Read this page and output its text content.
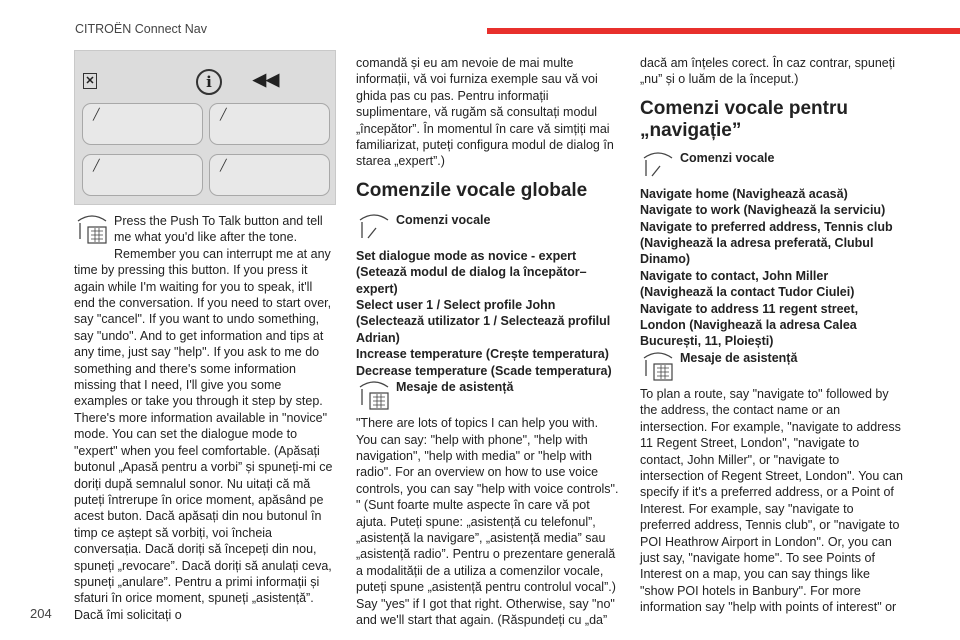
CITROËN Connect Nav
✕	i	◀◀
╱	╱
╱	╱
Press the Push To Talk button and tell me what you'd like after the tone. Remember you can interrupt me at any time by pressing this button. If you press it again while I'm waiting for you to speak, it'll end the conversation. If you need to start over, say "cancel". If you want to undo something, say "undo". And to get information and tips at any time, just say "help". If you ask to me do something and there's some information missing that I need, I'll give you some examples or take you through it step by step. There's more information available in "novice" mode. You can set the dialogue mode to "expert" when you feel comfortable. (Apăsați butonul „Apasă pentru a vorbi” și spuneți-mi ce doriți după semnalul sonor. Nu uitați că mă puteți întrerupe în orice moment, apăsând pe acest buton. Dacă apăsați din nou butonul în timp ce aștept să vorbiți, voi încheia conversația. Dacă doriți să începeți din nou, spuneți „revocare”. Dacă doriți să anulați ceva, spuneți „anulare”. Pentru a primi informații și sfaturi în orice moment, spuneți „asistență”. Dacă îmi solicitați o
comandă și eu am nevoie de mai multe informații, vă voi furniza exemple sau vă voi ghida pas cu pas. Pentru informații suplimentare, vă rugăm să consultați modul „începător”. În momentul în care vă simțiți mai familiarizat, puteți configura modul de dialog în starea „expert”.)
Comenzile vocale globale
Comenzi vocale
Set dialogue mode as novice - expert (Setează modul de dialog la începător– expert)
Select user 1 / Select profile John (Selectează utilizator 1 / Selectează profilul Adrian)
Increase temperature (Crește temperatura)
Decrease temperature (Scade temperatura)
Mesaje de asistență
"There are lots of topics I can help you with. You can say: "help with phone", "help with navigation", "help with media" or "help with radio". For an overview on how to use voice controls, you can say "help with voice controls". " (Sunt foarte multe aspecte în care vă pot ajuta. Puteți spune: „asistență cu telefonul”, „asistență la navigare”, „asistență media” sau „asistență radio”. Pentru o prezentare generală a modalității de a utiliza a comenzilor vocale, puteți spune „asistență pentru controlul vocal”.)
Say "yes" if I got that right. Otherwise, say "no" and we'll start that again. (Răspundeți cu „da”
dacă am înțeles corect. În caz contrar, spuneți „nu” și o luăm de la început.)
Comenzi vocale pentru „navigație”
Comenzi vocale
Navigate home (Navighează acasă)
Navigate to work (Navighează la serviciu)
Navigate to preferred address, Tennis club (Navighează la adresa preferată, Clubul Dinamo)
Navigate to contact, John Miller (Navighează la contact Tudor Ciulei)
Navigate to address 11 regent street, London (Navighează la adresa Calea București, 11, Ploiești)
Mesaje de asistență
To plan a route, say "navigate to" followed by the address, the contact name or an intersection. For example, "navigate to address 11 Regent Street, London", "navigate to contact, John Miller", or "navigate to intersection of Regent Street, London". You can specify if it's a preferred address, or a Point of Interest. For example, say "navigate to preferred address, Tennis club", or "navigate to POI Heathrow Airport in London". Or, you can just say, "navigate home". To see Points of Interest on a map, you can say things like "show POI hotels in Banbury". For more information say "help with points of interest" or
204
